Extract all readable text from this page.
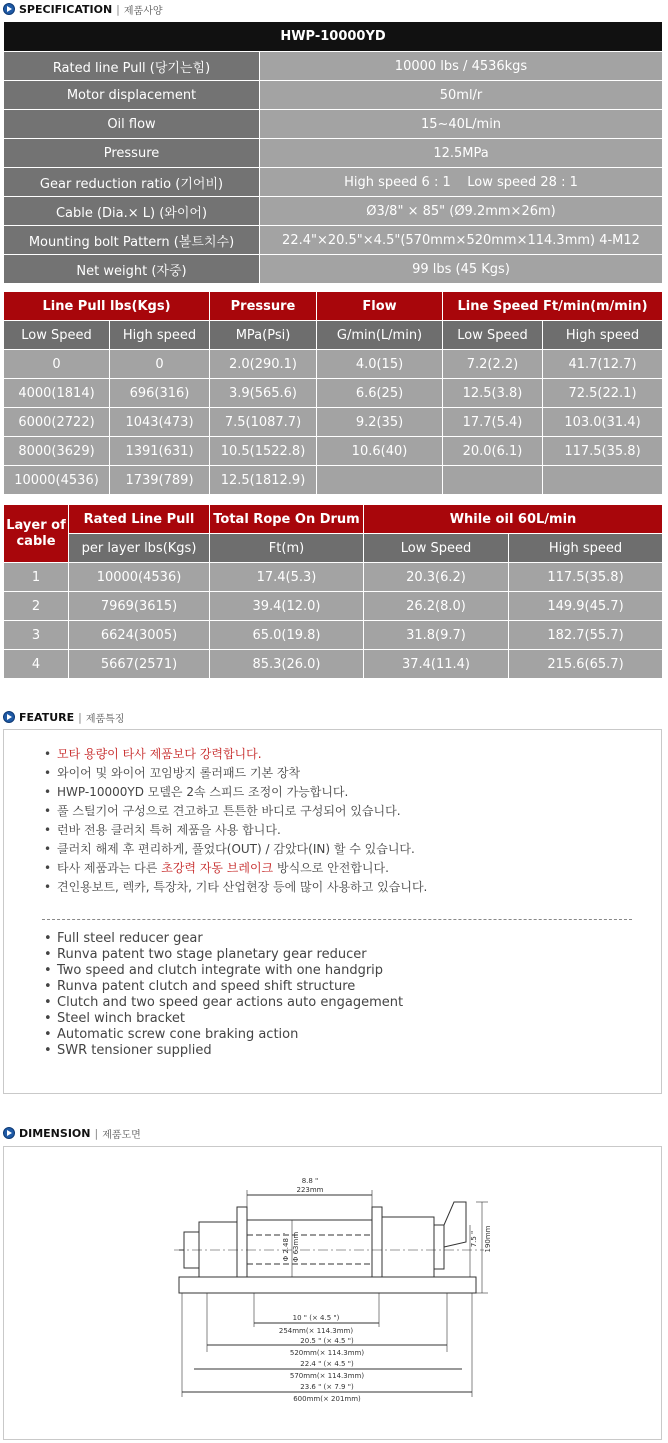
SPECIFICATION | 제품사양
HWP-10000YD	
Rated line Pull (당기는힘)	10000 lbs / 4536kgs
Motor displacement	50ml/r
Oil flow	15~40L/min
Pressure	12.5MPa
Gear reduction ratio (기어비)	High speed 6 : 1    Low speed 28 : 1
Cable (Dia.× L) (와이어)	Ø3/8" × 85" (Ø9.2mm×26m)
Mounting bolt Pattern (볼트치수)	22.4"×20.5"×4.5"(570mm×520mm×114.3mm) 4-M12
Net weight (자중)	99 lbs (45 Kgs)
Line Pull lbs(Kgs)		Pressure	Flow	Line Speed Ft/min(m/min)	
Low Speed	High speed	MPa(Psi)	G/min(L/min)	Low Speed	High speed
0	0	2.0(290.1)	4.0(15)	7.2(2.2)	41.7(12.7)
4000(1814)	696(316)	3.9(565.6)	6.6(25)	12.5(3.8)	72.5(22.1)
6000(2722)	1043(473)	7.5(1087.7)	9.2(35)	17.7(5.4)	103.0(31.4)
8000(3629)	1391(631)	10.5(1522.8)	10.6(40)	20.0(6.1)	117.5(35.8)
10000(4536)	1739(789)	12.5(1812.9)			
Layer of cable	Rated Line Pull	Total Rope On Drum	While oil 60L/min	
	per layer lbs(Kgs)	Ft(m)	Low Speed	High speed
1	10000(4536)	17.4(5.3)	20.3(6.2)	117.5(35.8)
2	7969(3615)	39.4(12.0)	26.2(8.0)	149.9(45.7)
3	6624(3005)	65.0(19.8)	31.8(9.7)	182.7(55.7)
4	5667(2571)	85.3(26.0)	37.4(11.4)	215.6(65.7)
FEATURE | 제품특징
• 모타 용량이 타사 제품보다 강력합니다.
• 와이어 및 와이어 꼬임방지 롤러패드 기본 장착
• HWP-10000YD 모델은 2속 스피드 조정이 가능합니다.
• 풀 스틸기어 구성으로 견고하고 튼튼한 바디로 구성되어 있습니다.
• 런바 전용 클러치 특허 제품을 사용 합니다.
• 클러치 해제 후 편리하게, 풀었다(OUT) / 감았다(IN) 할 수 있습니다.
• 타사 제품과는 다른 초강력 자동 브레이크 방식으로 안전합니다.
• 견인용보트, 렉카, 특장차, 기타 산업현장 등에 많이 사용하고 있습니다.
• Full steel reducer gear
• Runva patent two stage planetary gear reducer
• Two speed and clutch integrate with one handgrip
• Runva patent clutch and speed shift structure
• Clutch and two speed gear actions auto engagement
• Steel winch bracket
• Automatic screw cone braking action
• SWR tensioner supplied
DIMENSION | 제품도면
8.8 "
223mm
Φ 2.48 " Φ 63mm	7.5 " 190mm
10 " (× 4.5 ")
254mm(× 114.3mm)
20.5 " (× 4.5 ")
520mm(× 114.3mm)
22.4 " (× 4.5 ")
570mm(× 114.3mm)
23.6 " (× 7.9 ")
600mm(× 201mm)
